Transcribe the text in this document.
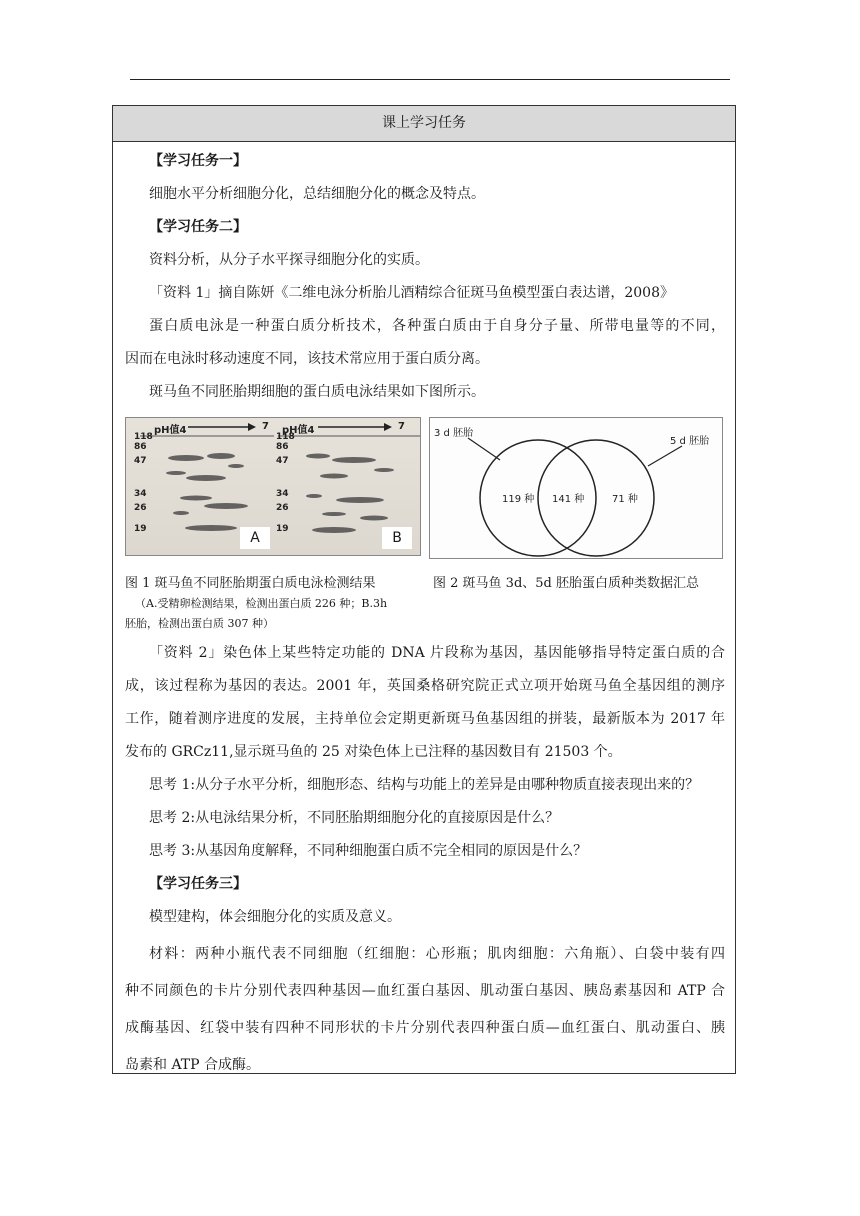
课上学习任务
【学习任务一】
细胞水平分析细胞分化，总结细胞分化的概念及特点。
【学习任务二】
资料分析，从分子水平探寻细胞分化的实质。
「资料 1」摘自陈妍《二维电泳分析胎儿酒精综合征斑马鱼模型蛋白表达谱，2008》
蛋白质电泳是一种蛋白质分析技术，各种蛋白质由于自身分子量、所带电量等的不同，
因而在电泳时移动速度不同，该技术常应用于蛋白质分离。
斑马鱼不同胚胎期细胞的蛋白质电泳结果如下图所示。
pH值4
118
86
47
34
26
19
A
7 pH值4
118
86
47
34
26
19
B
7
3 d 胚胎
5 d 胚胎
119 种 141 种	71 种
图 1 斑马鱼不同胚胎期蛋白质电泳检测结果	图 2 斑马鱼 3d、5d 胚胎蛋白质种类数据汇总
（A.受精卵检测结果，检测出蛋白质 226 种；B.3h
胚胎，检测出蛋白质 307 种）
「资料 2」染色体上某些特定功能的 DNA 片段称为基因，基因能够指导特定蛋白质的合
成，该过程称为基因的表达。2001 年，英国桑格研究院正式立项开始斑马鱼全基因组的测序
工作，随着测序进度的发展，主持单位会定期更新斑马鱼基因组的拼装，最新版本为 2017 年
发布的 GRCz11,显示斑马鱼的 25 对染色体上已注释的基因数目有 21503 个。
思考 1:从分子水平分析，细胞形态、结构与功能上的差异是由哪种物质直接表现出来的？
思考 2:从电泳结果分析，不同胚胎期细胞分化的直接原因是什么？
思考 3:从基因角度解释，不同种细胞蛋白质不完全相同的原因是什么？
【学习任务三】
模型建构，体会细胞分化的实质及意义。
材料：两种小瓶代表不同细胞（红细胞：心形瓶；肌肉细胞：六角瓶）、白袋中装有四
种不同颜色的卡片分别代表四种基因—血红蛋白基因、肌动蛋白基因、胰岛素基因和 ATP 合
成酶基因、红袋中装有四种不同形状的卡片分别代表四种蛋白质—血红蛋白、肌动蛋白、胰
岛素和 ATP 合成酶。
